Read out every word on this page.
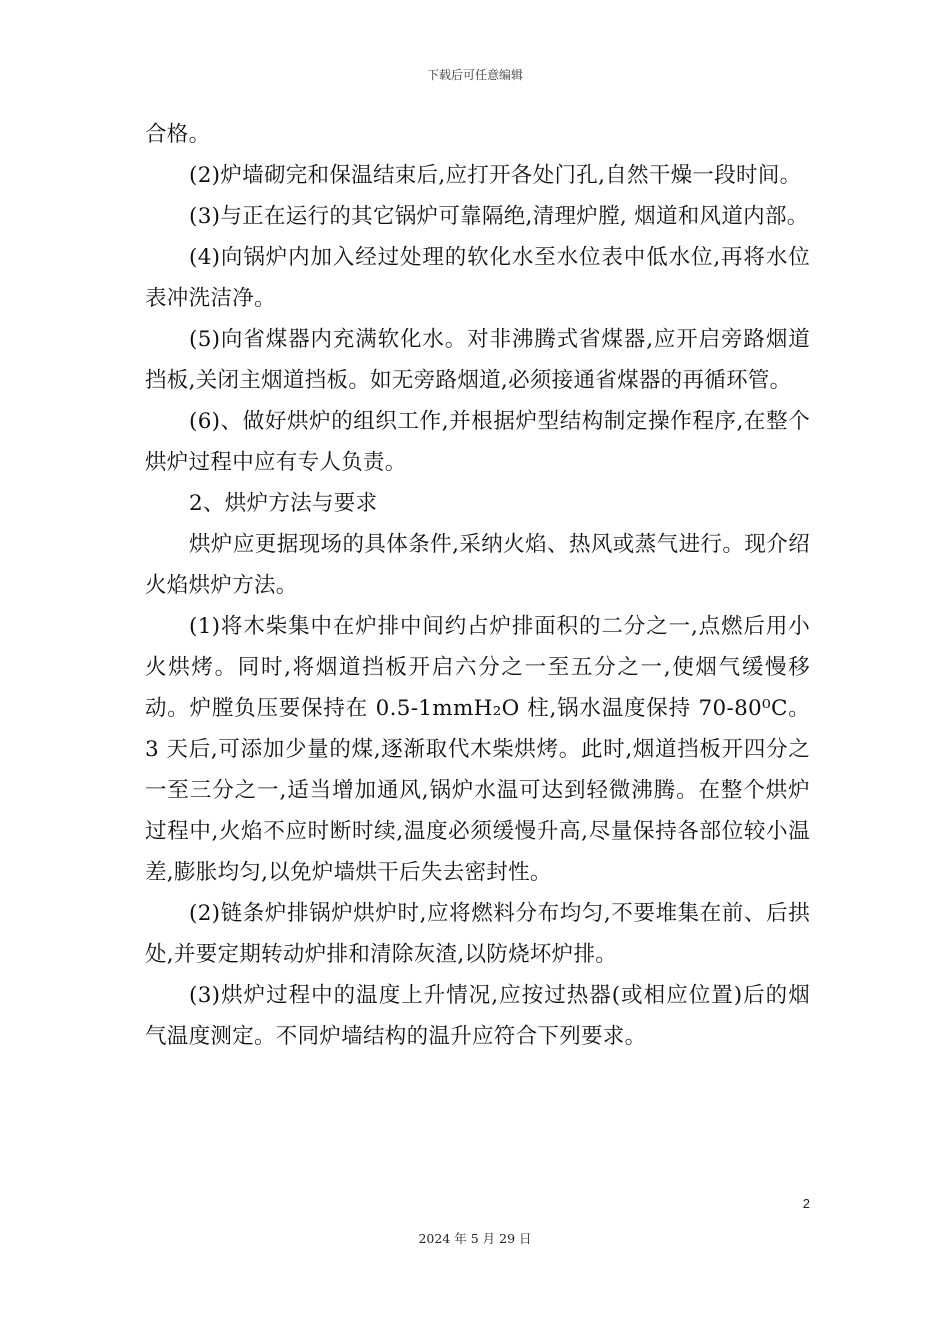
下载后可任意编辑

合格。

(2)炉墙砌完和保温结束后,应打开各处门孔,自然干燥一段时间。

(3)与正在运行的其它锅炉可靠隔绝,清理炉膛, 烟道和风道内部。

(4)向锅炉内加入经过处理的软化水至水位表中低水位,再将水位表冲洗洁净。

(5)向省煤器内充满软化水。对非沸腾式省煤器,应开启旁路烟道挡板,关闭主烟道挡板。如无旁路烟道,必须接通省煤器的再循环管。

(6)、做好烘炉的组织工作,并根据炉型结构制定操作程序,在整个烘炉过程中应有专人负责。

2、烘炉方法与要求

烘炉应更据现场的具体条件,采纳火焰、热风或蒸气进行。现介绍火焰烘炉方法。

(1)将木柴集中在炉排中间约占炉排面积的二分之一,点燃后用小火烘烤。同时,将烟道挡板开启六分之一至五分之一,使烟气缓慢移动。炉膛负压要保持在 0.5-1mmH₂O 柱,锅水温度保持 70-80⁰C。3 天后,可添加少量的煤,逐渐取代木柴烘烤。此时,烟道挡板开四分之一至三分之一,适当增加通风,锅炉水温可达到轻微沸腾。在整个烘炉过程中,火焰不应时断时续,温度必须缓慢升高,尽量保持各部位较小温差,膨胀均匀,以免炉墙烘干后失去密封性。

(2)链条炉排锅炉烘炉时,应将燃料分布均匀,不要堆集在前、后拱处,并要定期转动炉排和清除灰渣,以防烧坏炉排。

(3)烘炉过程中的温度上升情况,应按过热器(或相应位置)后的烟气温度测定。不同炉墙结构的温升应符合下列要求。

2
2024 年 5 月 29 日
